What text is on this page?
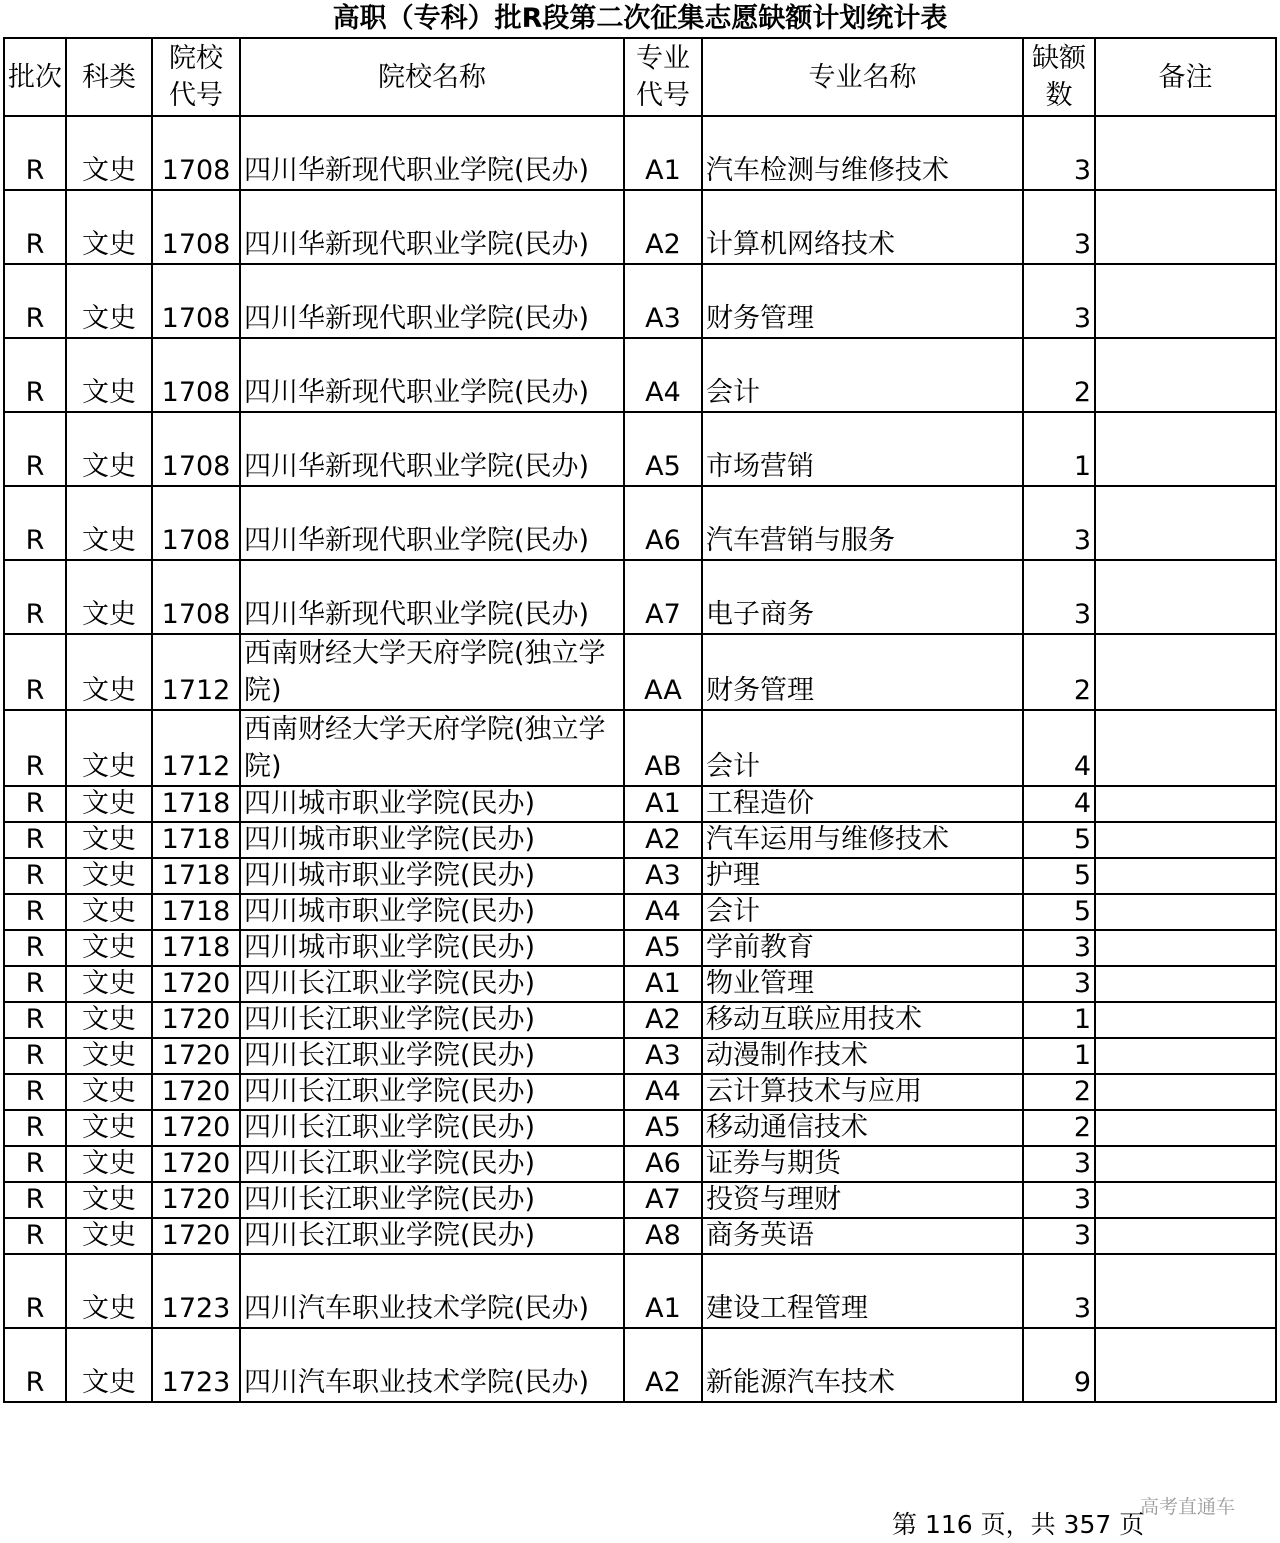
高职（专科）批R段第二次征集志愿缺额计划统计表
批次	科类	院校代号	院校名称	专业代号	专业名称	缺额数	备注
R	文史	1708	四川华新现代职业学院(民办)	A1	汽车检测与维修技术	3	
R	文史	1708	四川华新现代职业学院(民办)	A2	计算机网络技术	3	
R	文史	1708	四川华新现代职业学院(民办)	A3	财务管理	3	
R	文史	1708	四川华新现代职业学院(民办)	A4	会计	2	
R	文史	1708	四川华新现代职业学院(民办)	A5	市场营销	1	
R	文史	1708	四川华新现代职业学院(民办)	A6	汽车营销与服务	3	
R	文史	1708	四川华新现代职业学院(民办)	A7	电子商务	3	
R	文史	1712	西南财经大学天府学院(独立学院)	AA	财务管理	2	
R	文史	1712	西南财经大学天府学院(独立学院)	AB	会计	4	
R	文史	1718	四川城市职业学院(民办)	A1	工程造价	4	
R	文史	1718	四川城市职业学院(民办)	A2	汽车运用与维修技术	5	
R	文史	1718	四川城市职业学院(民办)	A3	护理	5	
R	文史	1718	四川城市职业学院(民办)	A4	会计	5	
R	文史	1718	四川城市职业学院(民办)	A5	学前教育	3	
R	文史	1720	四川长江职业学院(民办)	A1	物业管理	3	
R	文史	1720	四川长江职业学院(民办)	A2	移动互联应用技术	1	
R	文史	1720	四川长江职业学院(民办)	A3	动漫制作技术	1	
R	文史	1720	四川长江职业学院(民办)	A4	云计算技术与应用	2	
R	文史	1720	四川长江职业学院(民办)	A5	移动通信技术	2	
R	文史	1720	四川长江职业学院(民办)	A6	证券与期货	3	
R	文史	1720	四川长江职业学院(民办)	A7	投资与理财	3	
R	文史	1720	四川长江职业学院(民办)	A8	商务英语	3	
R	文史	1723	四川汽车职业技术学院(民办)	A1	建设工程管理	3	
R	文史	1723	四川汽车职业技术学院(民办)	A2	新能源汽车技术	9	
高考直通车
第 116 页，共 357 页
